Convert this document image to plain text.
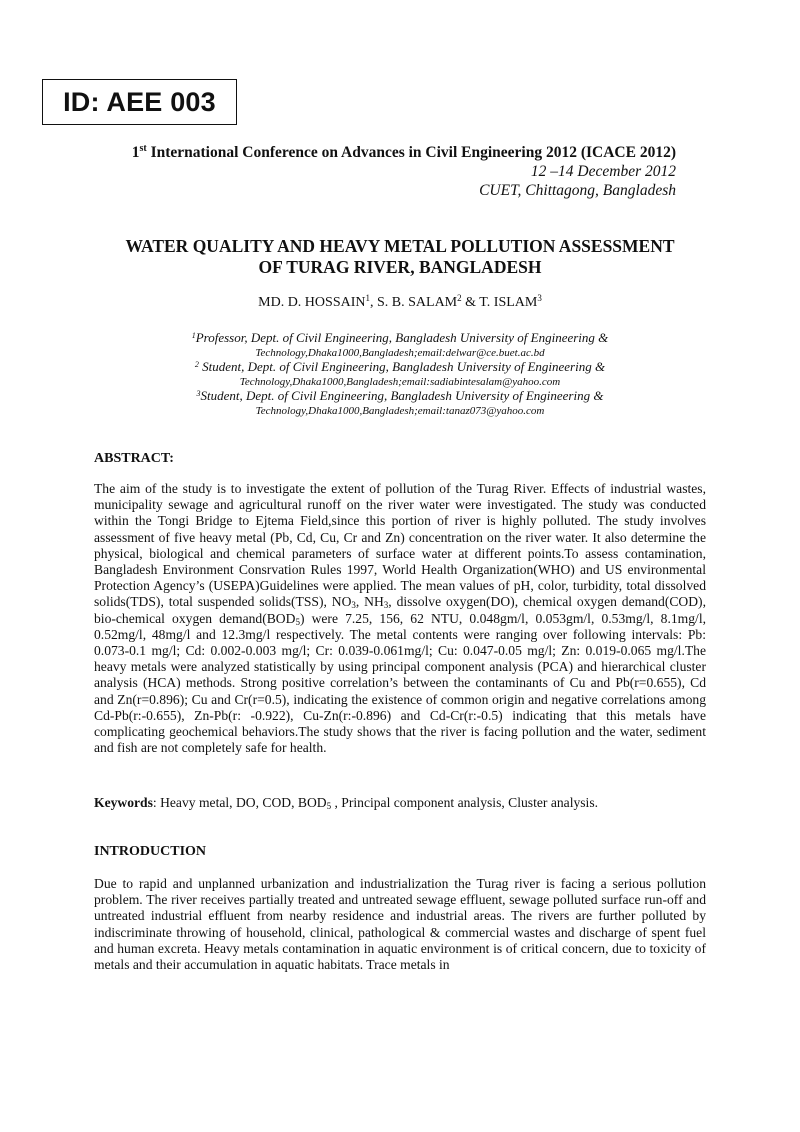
ID: AEE 003
1st International Conference on Advances in Civil Engineering 2012 (ICACE 2012)
12 –14 December 2012
CUET, Chittagong, Bangladesh
WATER QUALITY AND HEAVY METAL POLLUTION ASSESSMENT
OF TURAG RIVER, BANGLADESH
MD. D. HOSSAIN$^1$, S. B. SALAM$^2$ & T. ISLAM$^3$
$^1$Professor, Dept. of Civil Engineering, Bangladesh University of Engineering &
Technology,Dhaka1000,Bangladesh;email:delwar@ce.buet.ac.bd
$^2$ Student, Dept. of Civil Engineering, Bangladesh University of Engineering &
Technology,Dhaka1000,Bangladesh;email:sadiabintesalam@yahoo.com
$^3$Student, Dept. of Civil Engineering, Bangladesh University of Engineering &
Technology,Dhaka1000,Bangladesh;email:tanaz073@yahoo.com
ABSTRACT:

The aim of the study is to investigate the extent of pollution of the Turag River. Effects of industrial wastes, municipality sewage and agricultural runoff on the river water were investigated. The study was conducted within the Tongi Bridge to Ejtema Field,since this portion of river is highly polluted. The study involves assessment of five heavy metal (Pb, Cd, Cu, Cr and Zn) concentration on the river water. It also determine the physical, biological and chemical parameters of surface water at different points.To assess contamination, Bangladesh Environment Consrvation Rules 1997, World Health Organization(WHO) and US environmental Protection Agency’s (USEPA)Guidelines were applied. The mean values of pH, color, turbidity, total dissolved solids(TDS), total suspended solids(TSS), $NO_3$, $NH_3$, dissolve oxygen(DO), chemical oxygen demand(COD), bio-chemical oxygen $demand(BOD_5)$ were 7.25, 156, 62 NTU, 0.048gm/l, 0.053gm/l, 0.53mg/l, 8.1mg/l, 0.52mg/l, 48mg/l and 12.3mg/l respectively. The metal contents were ranging over following intervals: Pb: 0.073-0.1 mg/l; Cd: 0.002-0.003 mg/l; Cr: 0.039-0.061mg/l; Cu: 0.047-0.05 mg/l; Zn: 0.019-0.065 mg/l.The heavy metals were analyzed statistically by using principal component analysis (PCA) and hierarchical cluster analysis (HCA) methods. Strong positive correlation’s between the contaminants of Cu and Pb(r=0.655), Cd and Zn(r=0.896); Cu and Cr(r=0.5), indicating the existence of common origin and negative correlations among Cd-Pb(r:-0.655), Zn-Pb(r: -0.922), Cu-Zn(r:-0.896) and Cd-Cr(r:-0.5) indicating that this metals have complicating geochemical behaviors.The study shows that the river is facing pollution and the water, sediment and fish are not completely safe for health.

Keywords: Heavy metal, DO, COD, $BOD_5$ , Principal component analysis, Cluster analysis.
INTRODUCTION

Due to rapid and unplanned urbanization and industrialization the Turag river is facing a serious pollution problem. The river receives partially treated and untreated sewage effluent, sewage polluted surface run-off and untreated industrial effluent from nearby residence and industrial areas. The rivers are further polluted by indiscriminate throwing of household, clinical, pathological & commercial wastes and discharge of spent fuel and human excreta. Heavy metals contamination in aquatic environment is of critical concern, due to toxicity of metals and their accumulation in aquatic habitats. Trace metals in
